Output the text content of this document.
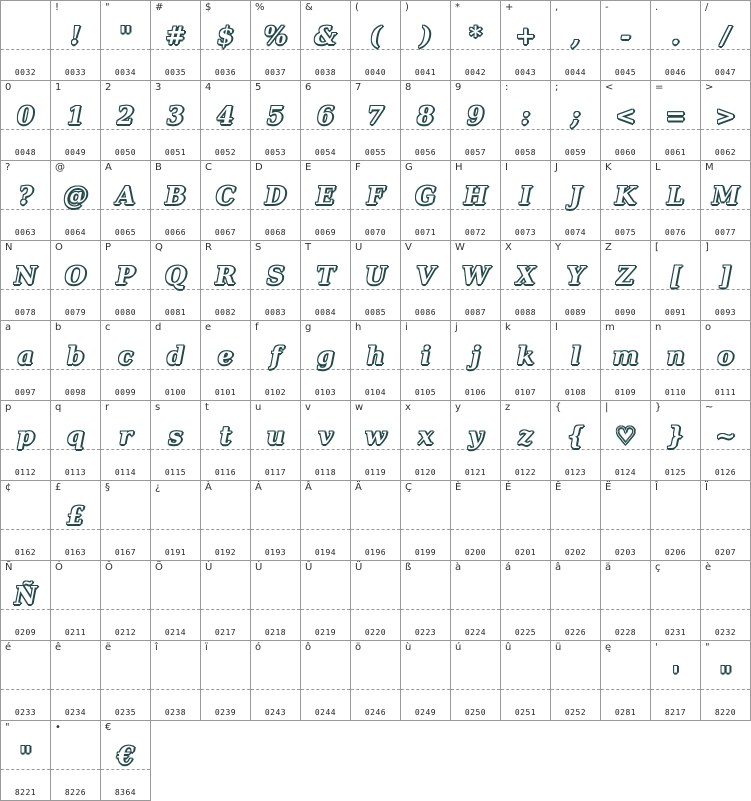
0032
!
!
0033
"
"
0034
#
#
0035
$
$
0036
%
%
0037
&
&
0038
(
(
0040
)
)
0041
*
*
0042
+
+
0043
,
,
0044
-
-
0045
.
.
0046
/
/
0047
0
0
0048
1
1
0049
2
2
0050
3
3
0051
4
4
0052
5
5
0053
6
6
0054
7
7
0055
8
8
0056
9
9
0057
:
:
0058
;
;
0059
<
<
0060
=
=
0061
>
>
0062
?
?
0063
@
@
0064
A
A
0065
B
B
0066
C
C
0067
D
D
0068
E
E
0069
F
F
0070
G
G
0071
H
H
0072
I
I
0073
J
J
0074
K
K
0075
L
L
0076
M
M
0077
N
N
0078
O
O
0079
P
P
0080
Q
Q
0081
R
R
0082
S
S
0083
T
T
0084
U
U
0085
V
V
0086
W
W
0087
X
X
0088
Y
Y
0089
Z
Z
0090
[
[
0091
]
]
0093
a
a
0097
b
b
0098
c
c
0099
d
d
0100
e
e
0101
f
f
0102
g
g
0103
h
h
0104
i
i
0105
j
j
0106
k
k
0107
l
l
0108
m
m
0109
n
n
0110
o
o
0111
p
p
0112
q
q
0113
r
r
0114
s
s
0115
t
t
0116
u
u
0117
v
v
0118
w
w
0119
x
x
0120
y
y
0121
z
z
0122
{
{
0123
|
♡
0124
}
}
0125
~
~
0126
¢
0162
£
£
0163
§
0167
¿
0191
À
0192
Á
0193
Â
0194
Ä
0196
Ç
0199
È
0200
É
0201
Ê
0202
Ë
0203
Î
0206
Ï
0207
Ñ
Ñ
0209
Ó
0211
Ô
0212
Ö
0214
Ù
0217
Ú
0218
Û
0219
Ü
0220
ß
0223
à
0224
á
0225
â
0226
ä
0228
ç
0231
è
0232
é
0233
ê
0234
ë
0235
î
0238
ï
0239
ó
0243
ô
0244
ö
0246
ù
0249
ú
0250
û
0251
ü
0252
ę
0281
'
'
8217
"
"
8220
"
"
8221
•
8226
€
€
8364
